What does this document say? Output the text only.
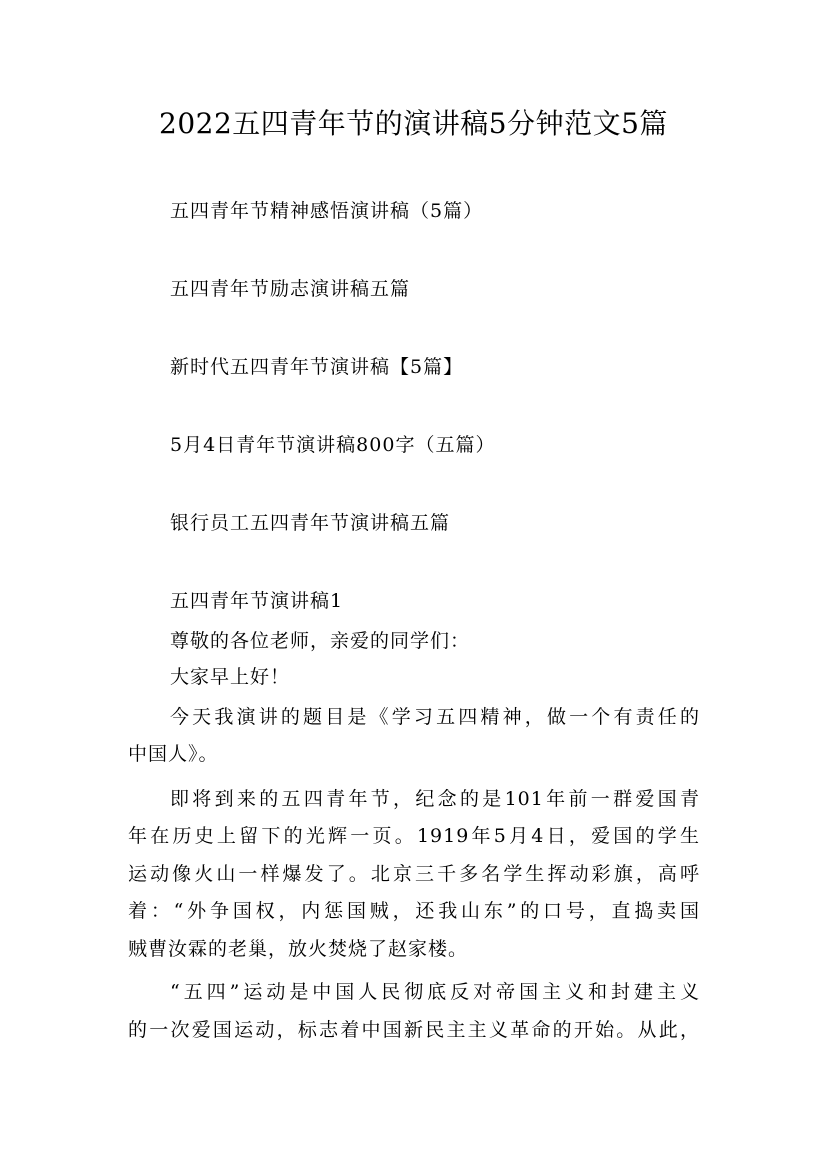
2022五四青年节的演讲稿5分钟范文5篇
五四青年节精神感悟演讲稿（5篇）
五四青年节励志演讲稿五篇
新时代五四青年节演讲稿【5篇】
5月4日青年节演讲稿800字（五篇）
银行员工五四青年节演讲稿五篇
五四青年节演讲稿1
尊敬的各位老师，亲爱的同学们：
大家早上好！
今天我演讲的题目是《学习五四精神，做一个有责任的
中国人》。
即将到来的五四青年节，纪念的是101年前一群爱国青
年在历史上留下的光辉一页。1919年5月4日，爱国的学生
运动像火山一样爆发了。北京三千多名学生挥动彩旗，高呼
着：“外争国权，内惩国贼，还我山东”的口号，直捣卖国
贼曹汝霖的老巢，放火焚烧了赵家楼。
“五四”运动是中国人民彻底反对帝国主义和封建主义
的一次爱国运动，标志着中国新民主主义革命的开始。从此，
